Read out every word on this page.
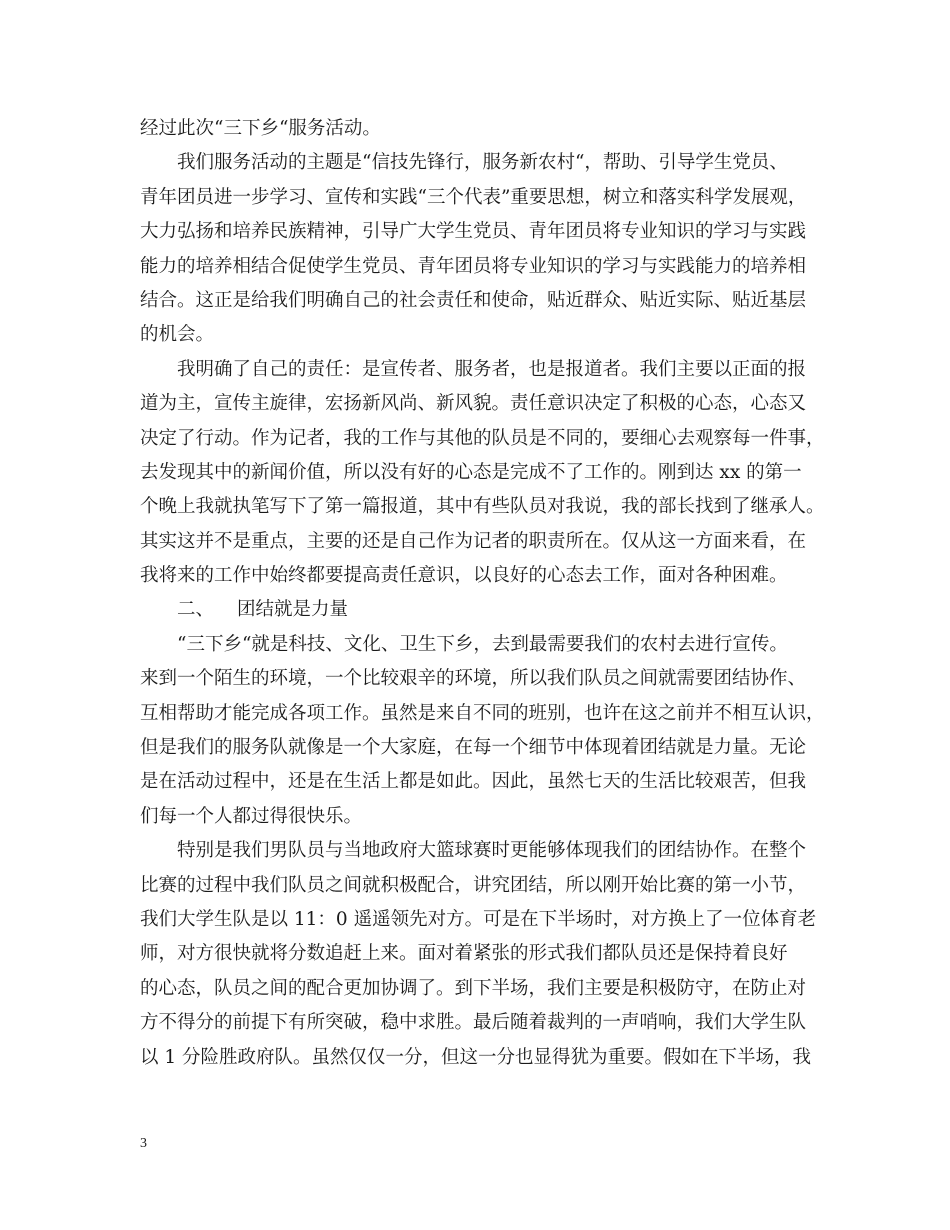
经过此次“三下乡“服务活动。
我们服务活动的主题是“信技先锋行，服务新农村“，帮助、引导学生党员、
青年团员进一步学习、宣传和实践“三个代表”重要思想，树立和落实科学发展观，
大力弘扬和培养民族精神，引导广大学生党员、青年团员将专业知识的学习与实践
能力的培养相结合促使学生党员、青年团员将专业知识的学习与实践能力的培养相
结合。这正是给我们明确自己的社会责任和使命，贴近群众、贴近实际、贴近基层
的机会。
我明确了自己的责任：是宣传者、服务者，也是报道者。我们主要以正面的报
道为主，宣传主旋律，宏扬新风尚、新风貌。责任意识决定了积极的心态，心态又
决定了行动。作为记者，我的工作与其他的队员是不同的，要细心去观察每一件事，
去发现其中的新闻价值，所以没有好的心态是完成不了工作的。刚到达 xx 的第一
个晚上我就执笔写下了第一篇报道，其中有些队员对我说，我的部长找到了继承人。
其实这并不是重点，主要的还是自己作为记者的职责所在。仅从这一方面来看，在
我将来的工作中始终都要提高责任意识，以良好的心态去工作，面对各种困难。
二、 团结就是力量
“三下乡“就是科技、文化、卫生下乡，去到最需要我们的农村去进行宣传。
来到一个陌生的环境，一个比较艰辛的环境，所以我们队员之间就需要团结协作、
互相帮助才能完成各项工作。虽然是来自不同的班别，也许在这之前并不相互认识，
但是我们的服务队就像是一个大家庭，在每一个细节中体现着团结就是力量。无论
是在活动过程中，还是在生活上都是如此。因此，虽然七天的生活比较艰苦，但我
们每一个人都过得很快乐。
特别是我们男队员与当地政府大篮球赛时更能够体现我们的团结协作。在整个
比赛的过程中我们队员之间就积极配合，讲究团结，所以刚开始比赛的第一小节，
我们大学生队是以 11：0 遥遥领先对方。可是在下半场时，对方换上了一位体育老
师，对方很快就将分数追赶上来。面对着紧张的形式我们都队员还是保持着良好
的心态，队员之间的配合更加协调了。到下半场，我们主要是积极防守，在防止对
方不得分的前提下有所突破，稳中求胜。最后随着裁判的一声哨响，我们大学生队
以 1 分险胜政府队。虽然仅仅一分，但这一分也显得犹为重要。假如在下半场，我
3
